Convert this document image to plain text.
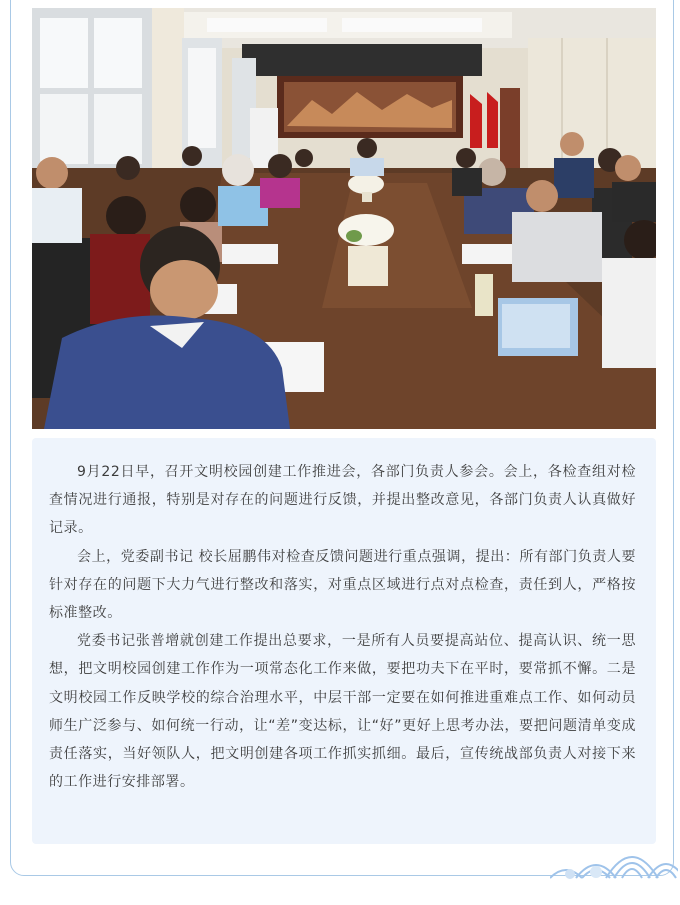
9月22日早，召开文明校园创建工作推进会，各部门负责人参会。会上，各检查组对检查情况进行通报，特别是对存在的问题进行反馈，并提出整改意见，各部门负责人认真做好记录。

会上，党委副书记 校长屈鹏伟对检查反馈问题进行重点强调，提出：所有部门负责人要针对存在的问题下大力气进行整改和落实，对重点区域进行点对点检查，责任到人，严格按标准整改。

党委书记张普增就创建工作提出总要求，一是所有人员要提高站位、提高认识、统一思想，把文明校园创建工作作为一项常态化工作来做，要把功夫下在平时，要常抓不懈。二是文明校园工作反映学校的综合治理水平，中层干部一定要在如何推进重难点工作、如何动员师生广泛参与、如何统一行动，让“差”变达标，让“好”更好上思考办法，要把问题清单变成责任落实，当好领队人，把文明创建各项工作抓实抓细。最后，宣传统战部负责人对接下来的工作进行安排部署。
